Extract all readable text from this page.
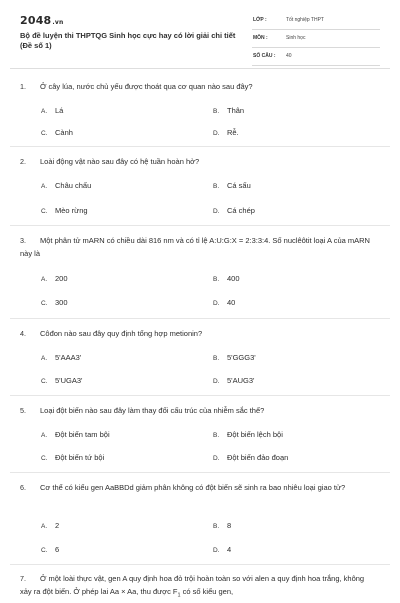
2048.vn
Bộ đề luyện thi THPTQG Sinh học cực hay có lời giải chi tiết (Đề số 1)
LỚP :	Tốt nghiệp THPT
MÔN :	Sinh học
SỐ CÂU : 40
1. Ở cây lúa, nước chủ yếu được thoát qua cơ quan nào sau đây?
A. Lá	B. Thân
C. Cành	D. Rễ.
2. Loài động vật nào sau đây có hệ tuần hoàn hở?
A. Châu chấu	B. Cá sấu
C. Mèo rừng	D. Cá chép
3. Một phân tử mARN có chiều dài 816 nm và có tỉ lệ A:U:G:X = 2:3:3:4. Số nuclêôtit loại A của mARN này là
A. 200	B. 400
C. 300	D. 40
4. Côđon nào sau đây quy định tổng hợp metionin?
A. 5'AAA3'	B. 5'GGG3'
C. 5'UGA3'	D. 5'AUG3'
5. Loại đột biến nào sau đây làm thay đổi cấu trúc của nhiễm sắc thể?
A. Đột biến tam bội	B. Đột biến lệch bội
C. Đột biến tứ bội	D. Đột biến đảo đoạn
6. Cơ thể có kiểu gen AaBBDd giảm phân không có đột biến sẽ sinh ra bao nhiêu loại giao tử?
A. 2	B. 8
C. 6	D. 4
7. Ở một loài thực vật, gen A quy định hoa đỏ trội hoàn toàn so với alen a quy định hoa trắng, không xảy ra đột biến. Ở phép lai Aa × Aa, thu được $F_1$ có số kiểu gen,
